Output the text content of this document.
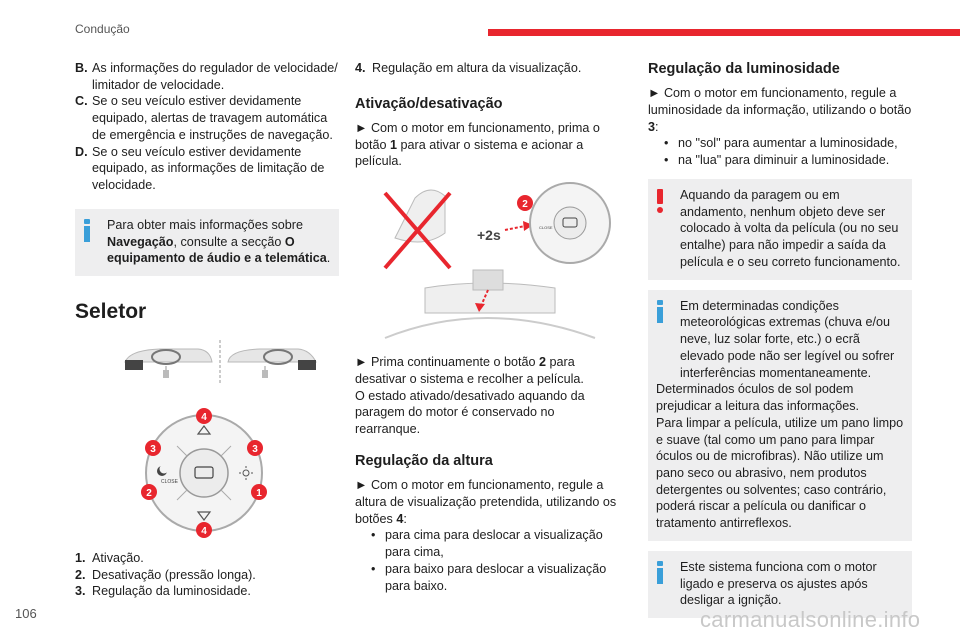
Condução
B. As informações do regulador de velocidade/ limitador de velocidade.
C. Se o seu veículo estiver devidamente equipado, alertas de travagem automática de emergência e instruções de navegação.
D. Se o seu veículo estiver devidamente equipado, as informações de limitação de velocidade.
Para obter mais informações sobre Navegação, consulte a secção O equipamento de áudio e a telemática.
Seletor
CLOSE
4
4
3	3
2	1
1. Ativação.
2. Desativação (pressão longa).
3. Regulação da luminosidade.
4. Regulação em altura da visualização.
Ativação/desativação
► Com o motor em funcionamento, prima o botão 1 para ativar o sistema e acionar a película.
+2s	CLOSE
2
► Prima continuamente o botão 2 para desativar o sistema e recolher a película.
O estado ativado/desativado aquando da paragem do motor é conservado no rearranque.
Regulação da altura
► Com o motor em funcionamento, regule a altura de visualização pretendida, utilizando os botões 4:
• para cima para deslocar a visualização para cima,
• para baixo para deslocar a visualização para baixo.
Regulação da luminosidade
► Com o motor em funcionamento, regule a luminosidade da informação, utilizando o botão 3:
• no "sol" para aumentar a luminosidade,
• na "lua" para diminuir a luminosidade.
Aquando da paragem ou em andamento, nenhum objeto deve ser colocado à volta da película (ou no seu entalhe) para não impedir a saída da película e o seu correto funcionamento.
Em determinadas condições meteorológicas extremas (chuva e/ou neve, luz solar forte, etc.) o ecrã elevado pode não ser legível ou sofrer interferências momentaneamente.
Determinados óculos de sol podem prejudicar a leitura das informações.
Para limpar a película, utilize um pano limpo e suave (tal como um pano para limpar óculos ou de microfibras). Não utilize um pano seco ou abrasivo, nem produtos detergentes ou solventes; caso contrário, poderá riscar a película ou danificar o tratamento antirreflexos.
Este sistema funciona com o motor ligado e preserva os ajustes após desligar a ignição.
106	carmanualsonline.info
